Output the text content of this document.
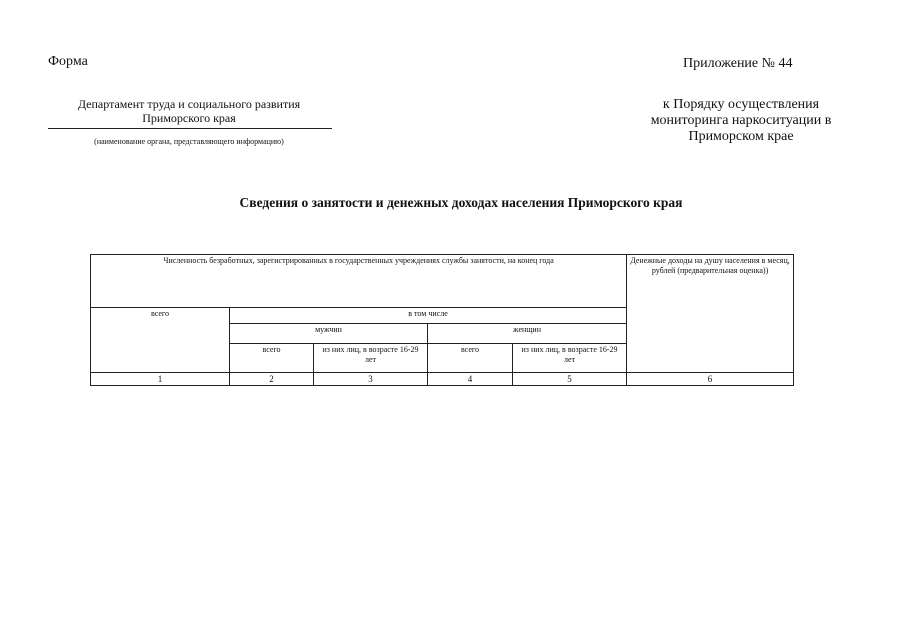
Форма	Приложение № 44
Департамент труда и социального развития
Приморского края
(наименование органа, представляющего информацию)
к Порядку осуществления
мониторинга наркоситуации в
Приморском крае
Сведения о занятости и денежных доходах населения Приморского края
Численность безработных, зарегистрированных в государственных учреждениях службы занятости, на конец года					Денежные доходы на душу населения в месяц, рублей (предварительная оценка))
всего	в том числе				
	мужчин		женщин		
	всего	из них лиц, в возрасте 16-29 лет	всего	из них лиц, в возрасте 16-29 лет	
1	2	3	4	5	6
